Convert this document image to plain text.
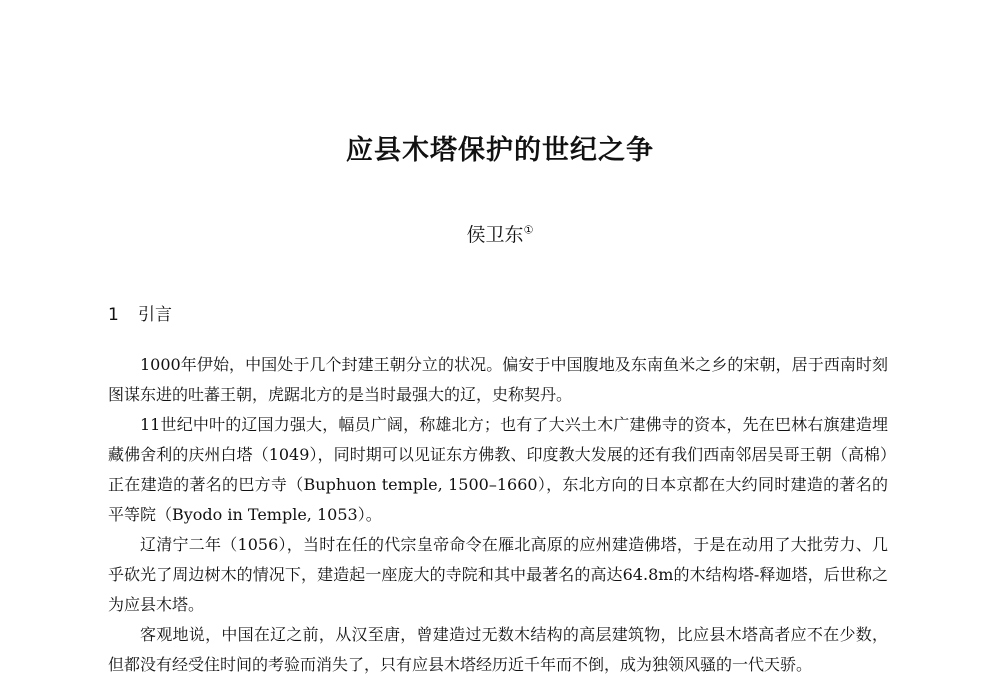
应县木塔保护的世纪之争
侯卫东①
1 引言

1000年伊始，中国处于几个封建王朝分立的状况。偏安于中国腹地及东南鱼米之乡的宋朝，居于西南时刻图谋东进的吐蕃王朝，虎踞北方的是当时最强大的辽，史称契丹。

11世纪中叶的辽国力强大，幅员广阔，称雄北方；也有了大兴土木广建佛寺的资本，先在巴林右旗建造埋藏佛舍利的庆州白塔（1049），同时期可以见证东方佛教、印度教大发展的还有我们西南邻居吴哥王朝（高棉）正在建造的著名的巴方寺（Buphuon temple, 1500–1660），东北方向的日本京都在大约同时建造的著名的平等院（Byodo in Temple, 1053）。

辽清宁二年（1056），当时在任的代宗皇帝命令在雁北高原的应州建造佛塔，于是在动用了大批劳力、几乎砍光了周边树木的情况下，建造起一座庞大的寺院和其中最著名的高达64.8m的木结构塔-释迦塔，后世称之为应县木塔。

客观地说，中国在辽之前，从汉至唐，曾建造过无数木结构的高层建筑物，比应县木塔高者应不在少数，但都没有经受住时间的考验而消失了，只有应县木塔经历近千年而不倒，成为独领风骚的一代天骄。
